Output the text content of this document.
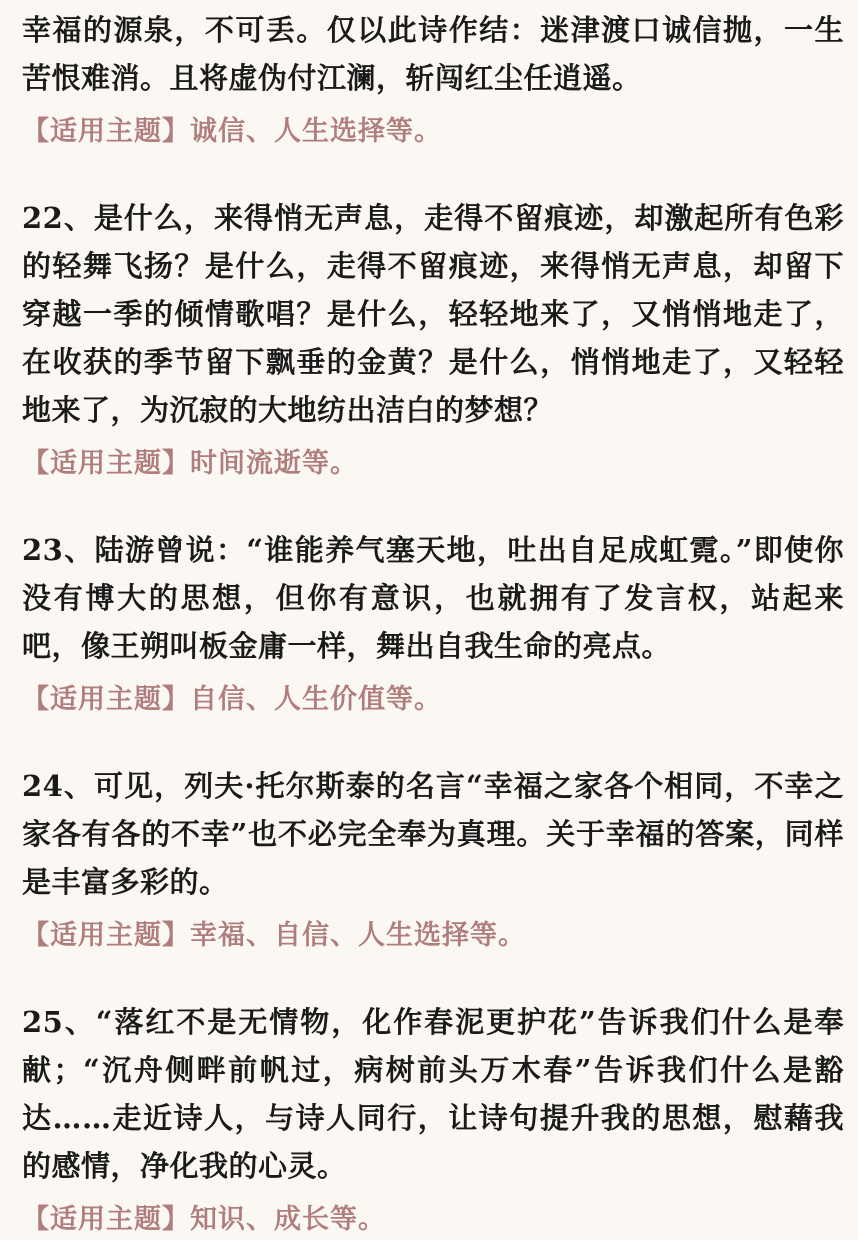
幸福的源泉，不可丢。仅以此诗作结：迷津渡口诚信抛，一生苦恨难消。且将虚伪付江澜，斩闯红尘任逍遥。

【适用主题】诚信、人生选择等。

22、是什么，来得悄无声息，走得不留痕迹，却激起所有色彩的轻舞飞扬？是什么，走得不留痕迹，来得悄无声息，却留下穿越一季的倾情歌唱？是什么，轻轻地来了，又悄悄地走了，在收获的季节留下飘垂的金黄？是什么，悄悄地走了，又轻轻地来了，为沉寂的大地纺出洁白的梦想？

【适用主题】时间流逝等。

23、陆游曾说：“谁能养气塞天地，吐出自足成虹霓。”即使你没有博大的思想，但你有意识，也就拥有了发言权，站起来吧，像王朔叫板金庸一样，舞出自我生命的亮点。

【适用主题】自信、人生价值等。

24、可见，列夫·托尔斯泰的名言“幸福之家各个相同，不幸之家各有各的不幸”也不必完全奉为真理。关于幸福的答案，同样是丰富多彩的。

【适用主题】幸福、自信、人生选择等。

25、“落红不是无情物，化作春泥更护花”告诉我们什么是奉献；“沉舟侧畔前帆过，病树前头万木春”告诉我们什么是豁达……走近诗人，与诗人同行，让诗句提升我的思想，慰藉我的感情，净化我的心灵。

【适用主题】知识、成长等。
